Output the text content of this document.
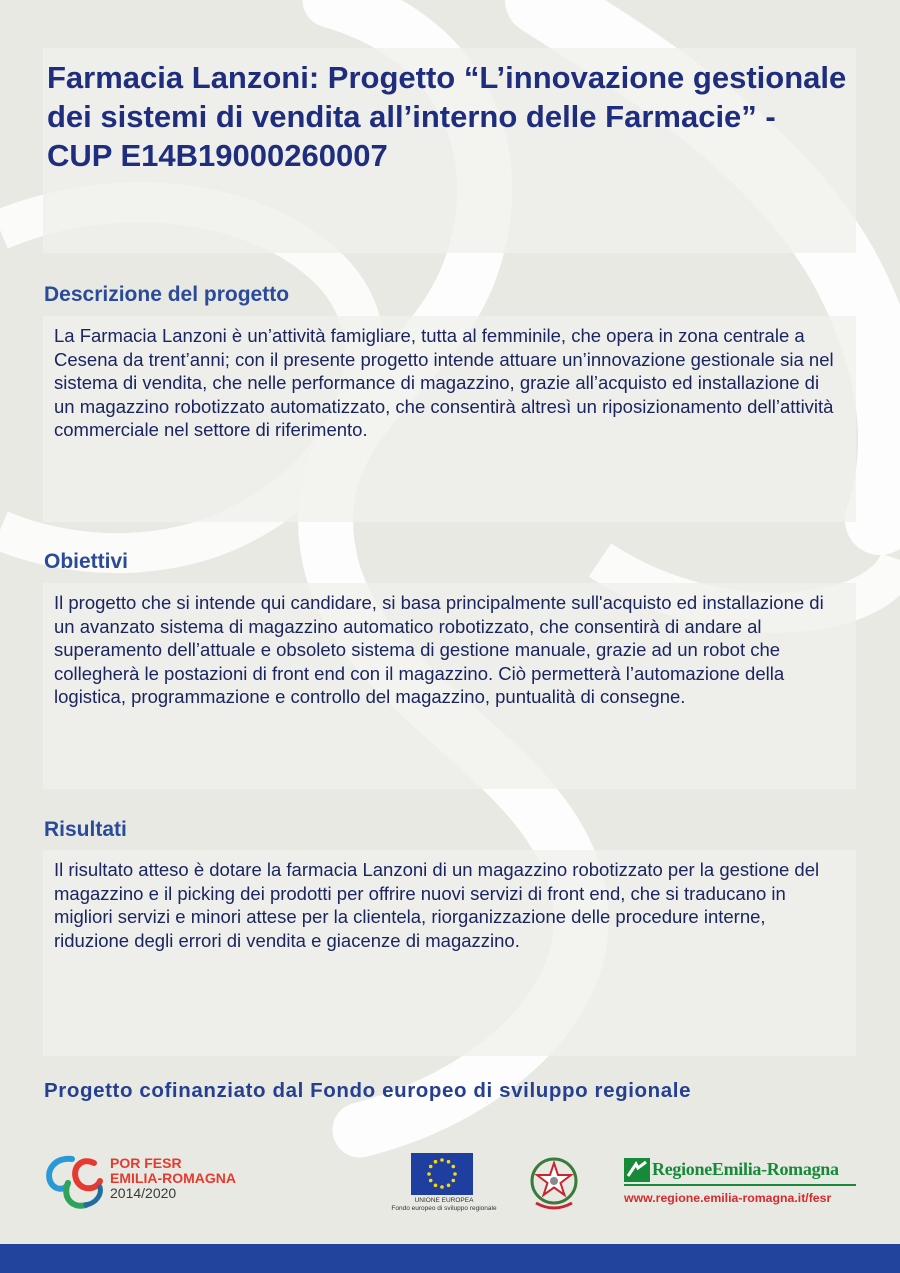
Farmacia Lanzoni: Progetto “L’innovazione gestionale dei sistemi di vendita all’interno delle Farmacie” - CUP E14B19000260007
Descrizione del progetto

La Farmacia Lanzoni è un’attività famigliare, tutta al femminile, che opera in zona centrale a Cesena da trent’anni; con il presente progetto intende attuare un’innovazione gestionale sia nel sistema di vendita, che nelle performance di magazzino, grazie all’acquisto ed installazione di un magazzino robotizzato automatizzato, che consentirà altresì un riposizionamento dell’attività commerciale nel settore di riferimento.

Obiettivi

Il progetto che si intende qui candidare, si basa principalmente sull'acquisto ed installazione di un avanzato sistema di magazzino automatico robotizzato, che consentirà di andare al superamento dell’attuale e obsoleto sistema di gestione manuale, grazie ad un robot che collegherà le postazioni di front end con il magazzino. Ciò permetterà l’automazione della logistica, programmazione e controllo del magazzino, puntualità di consegne.

Risultati

Il risultato atteso è dotare la farmacia Lanzoni di un magazzino robotizzato per la gestione del magazzino e il picking dei prodotti per offrire nuovi servizi di front end, che si traducano in migliori servizi e minori attese per la clientela, riorganizzazione delle procedure interne, riduzione degli errori di vendita e giacenze di magazzino.

Progetto cofinanziato dal Fondo europeo di sviluppo regionale

POR FESR
EMILIA-ROMAGNA
2014/2020	UNIONE EUROPEA
Fondo europeo di sviluppo regionale
RegioneEmilia-Romagna
www.regione.emilia-romagna.it/fesr
